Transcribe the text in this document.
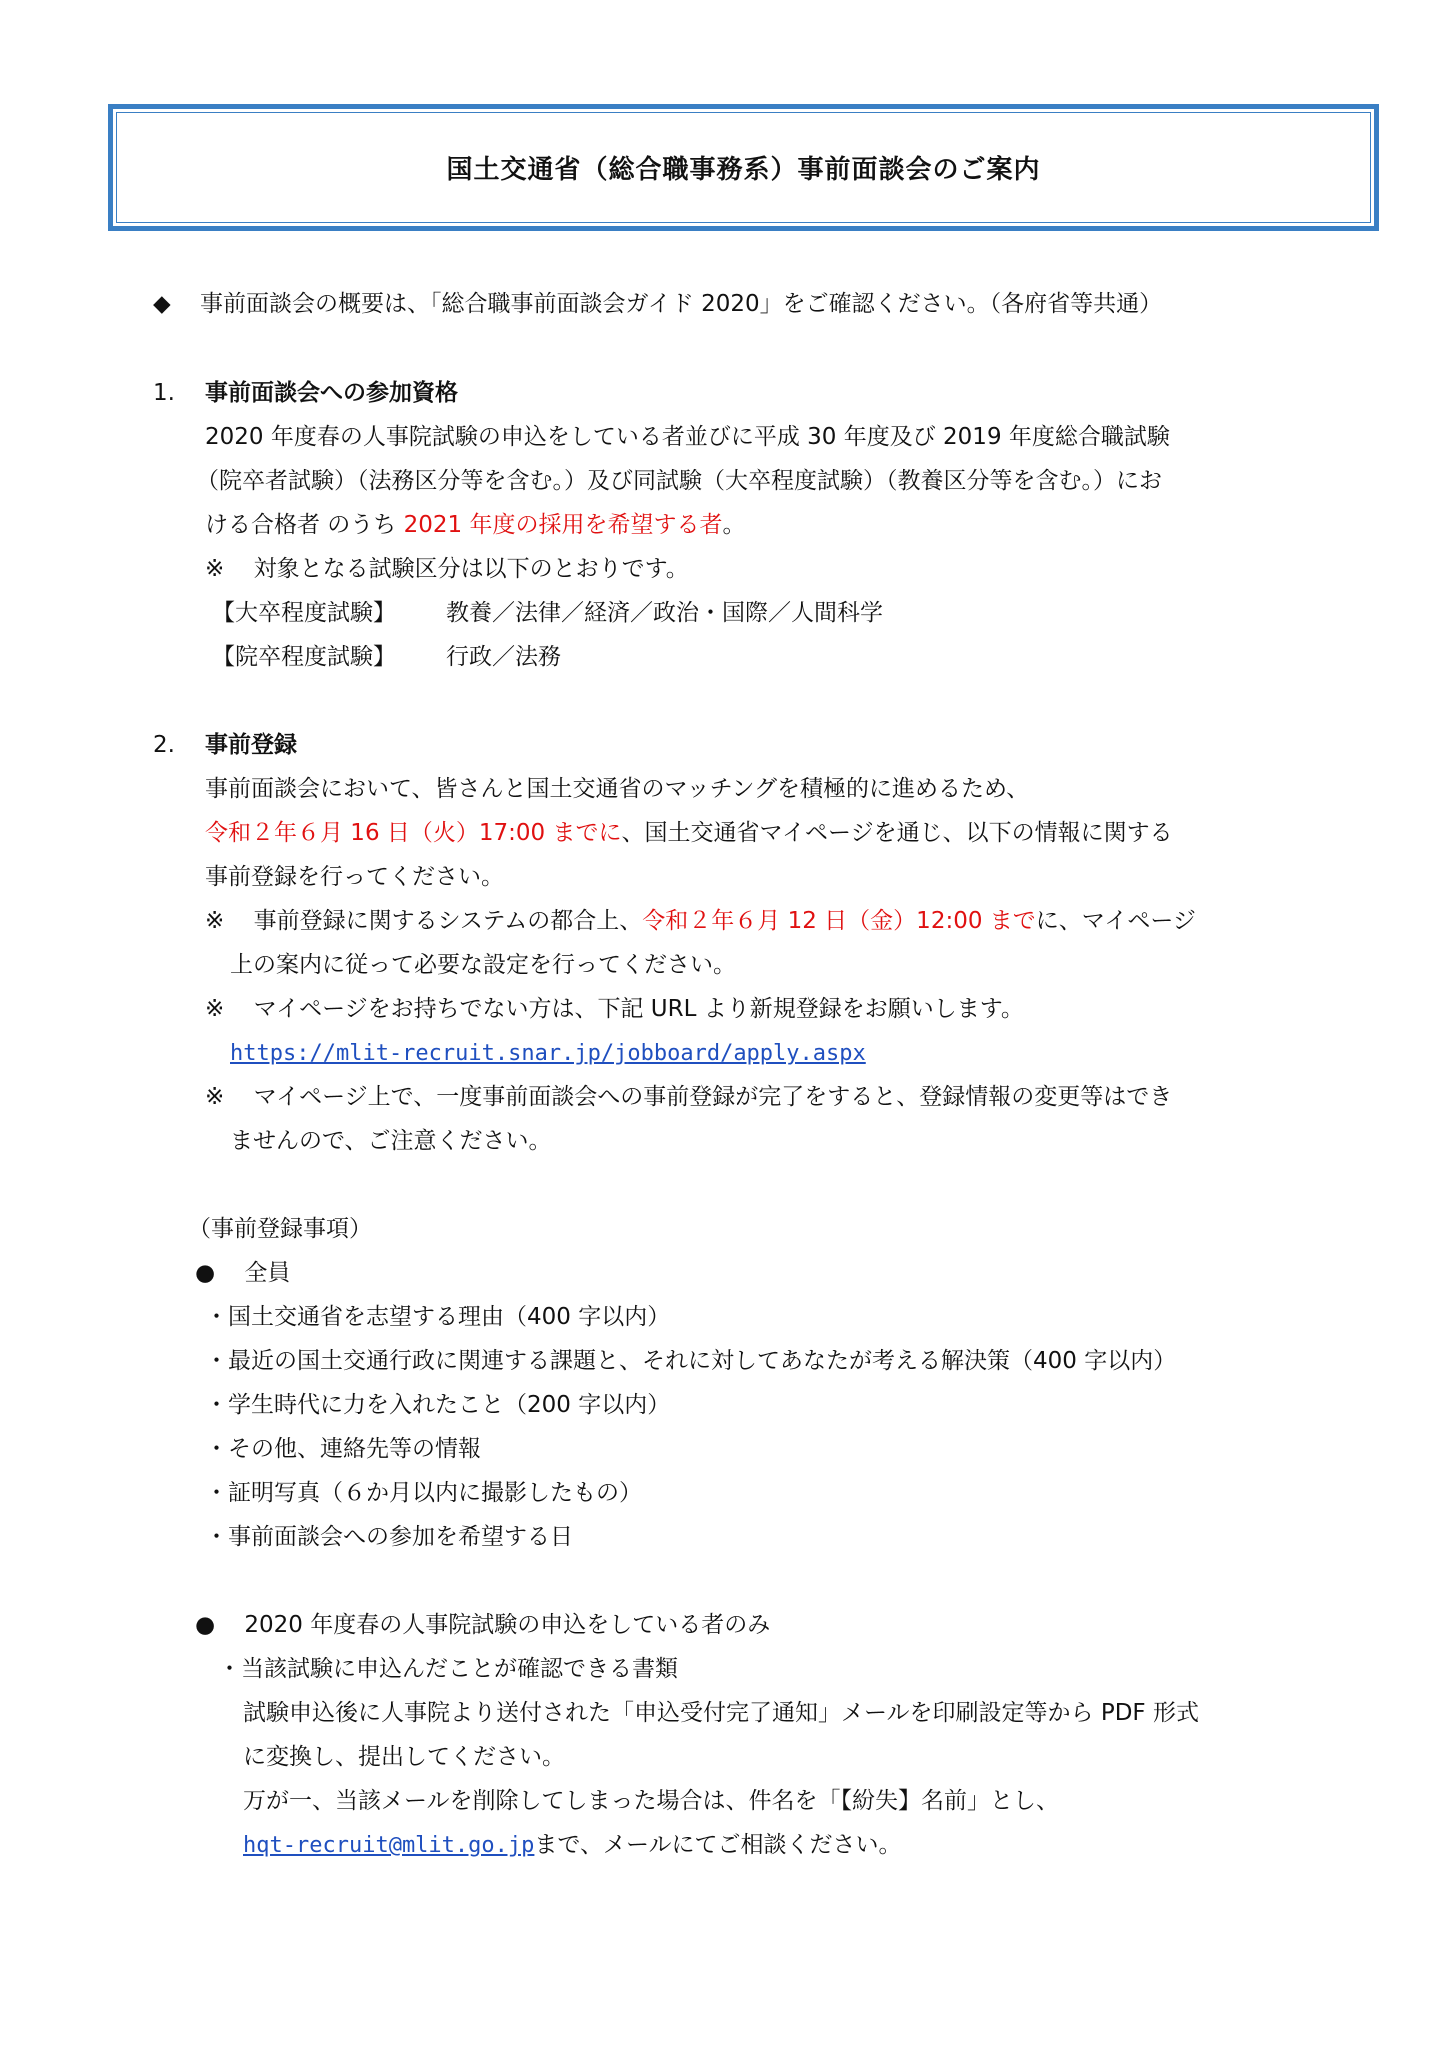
国土交通省（総合職事務系）事前面談会のご案内
◆ 事前面談会の概要は、「総合職事前面談会ガイド 2020」をご確認ください。（各府省等共通）
1. 事前面談会への参加資格
2020 年度春の人事院試験の申込をしている者並びに平成 30 年度及び 2019 年度総合職試験
（院卒者試験）（法務区分等を含む。）及び同試験（大卒程度試験）（教養区分等を含む。）にお
ける合格者 のうち 2021 年度の採用を希望する者。
※ 対象となる試験区分は以下のとおりです。
【大卒程度試験】 教養／法律／経済／政治・国際／人間科学
【院卒程度試験】 行政／法務
2. 事前登録
事前面談会において、皆さんと国土交通省のマッチングを積極的に進めるため、
令和２年６月 16 日（火）17:00 までに、国土交通省マイページを通じ、以下の情報に関する
事前登録を行ってください。
※ 事前登録に関するシステムの都合上、令和２年６月 12 日（金）12:00 までに、マイページ
上の案内に従って必要な設定を行ってください。
※ マイページをお持ちでない方は、下記 URL より新規登録をお願いします。
https://mlit-recruit.snar.jp/jobboard/apply.aspx
※ マイページ上で、一度事前面談会への事前登録が完了をすると、登録情報の変更等はでき
ませんので、ご注意ください。
（事前登録事項）
● 全員
・国土交通省を志望する理由（400 字以内）
・最近の国土交通行政に関連する課題と、それに対してあなたが考える解決策（400 字以内）
・学生時代に力を入れたこと（200 字以内）
・その他、連絡先等の情報
・証明写真（６か月以内に撮影したもの）
・事前面談会への参加を希望する日
● 2020 年度春の人事院試験の申込をしている者のみ
・当該試験に申込んだことが確認できる書類
試験申込後に人事院より送付された「申込受付完了通知」メールを印刷設定等から PDF 形式
に変換し、提出してください。
万が一、当該メールを削除してしまった場合は、件名を「【紛失】名前」とし、
hqt-recruit@mlit.go.jpまで、メールにてご相談ください。
